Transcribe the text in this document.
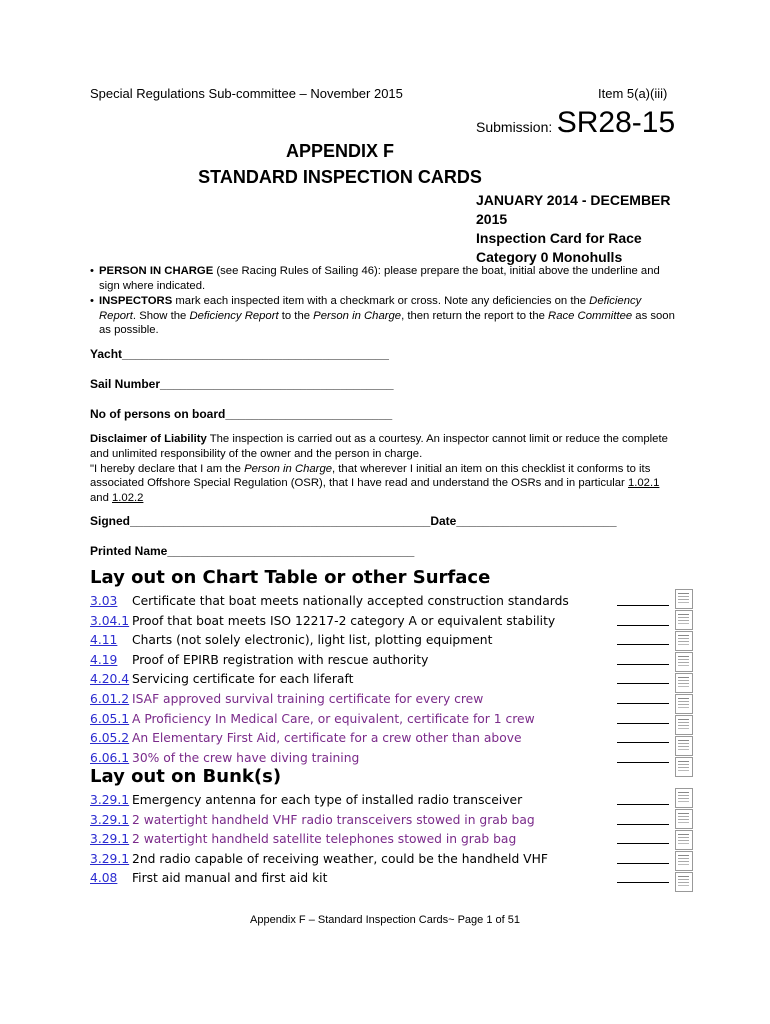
Special Regulations Sub-committee – November 2015	Item 5(a)(iii)
Submission: SR28-15
APPENDIX F
STANDARD INSPECTION CARDS
JANUARY 2014 - DECEMBER
2015
Inspection Card for Race
Category 0 Monohulls
• PERSON IN CHARGE (see Racing Rules of Sailing 46): please prepare the boat, initial above the underline and sign where indicated.
• INSPECTORS mark each inspected item with a checkmark or cross. Note any deficiencies on the Deficiency Report. Show the Deficiency Report to the Person in Charge, then return the report to the Race Committee as soon as possible.
Yacht________________________________________
Sail Number___________________________________
No of persons on board_________________________
Disclaimer of Liability The inspection is carried out as a courtesy. An inspector cannot limit or reduce the complete and unlimited responsibility of the owner and the person in charge.
"I hereby declare that I am the Person in Charge, that wherever I initial an item on this checklist it conforms to its associated Offshore Special Regulation (OSR), that I have read and understand the OSRs and in particular 1.02.1 and 1.02.2
Signed_____________________________________________Date________________________
Printed Name_____________________________________
Lay out on Chart Table or other Surface
3.03 Certificate that boat meets nationally accepted construction standards
3.04.1 Proof that boat meets ISO 12217-2 category A or equivalent stability
4.11 Charts (not solely electronic), light list, plotting equipment
4.19 Proof of EPIRB registration with rescue authority
4.20.4 Servicing certificate for each liferaft
6.01.2 ISAF approved survival training certificate for every crew
6.05.1 A Proficiency In Medical Care, or equivalent, certificate for 1 crew
6.05.2 An Elementary First Aid, certificate for a crew other than above
6.06.1 30% of the crew have diving training
Lay out on Bunk(s)
3.29.1 Emergency antenna for each type of installed radio transceiver
3.29.1 2 watertight handheld VHF radio transceivers stowed in grab bag
3.29.1 2 watertight handheld satellite telephones stowed in grab bag
3.29.1 2nd radio capable of receiving weather, could be the handheld VHF
4.08 First aid manual and first aid kit
Appendix F – Standard Inspection Cards~ Page 1 of 51
